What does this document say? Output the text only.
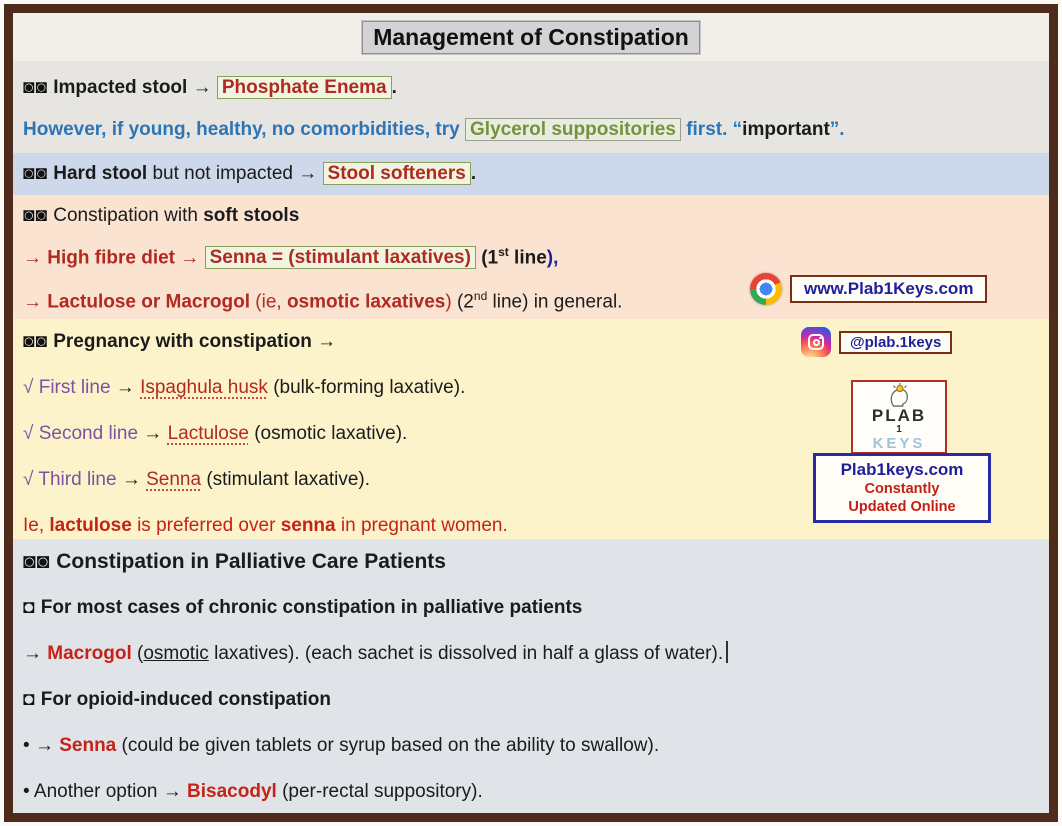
Management of Constipation
◙◙ Impacted stool → Phosphate Enema .
However, if young, healthy, no comorbidities, try Glycerol suppositories first. “important”.
◙◙ Hard stool but not impacted → Stool softeners .
◙◙ Constipation with soft stools
→ High fibre diet → Senna = (stimulant laxatives) (1st line),
→ Lactulose or Macrogol (ie, osmotic laxatives) (2nd line) in general.
◙◙ Pregnancy with constipation →
√ First line → Ispaghula husk (bulk-forming laxative).
√ Second line → Lactulose (osmotic laxative).
√ Third line → Senna (stimulant laxative).
Ie, lactulose is preferred over senna in pregnant women.
◙◙ Constipation in Palliative Care Patients
◘ For most cases of chronic constipation in palliative patients
→ Macrogol (osmotic laxatives). (each sachet is dissolved in half a glass of water).
◘ For opioid-induced constipation
• → Senna (could be given tablets or syrup based on the ability to swallow).
• Another option → Bisacodyl (per-rectal suppository).
www.Plab1Keys.com
@plab.1keys
PLAB
1
KEYS
Plab1keys.com
Constantly
Updated Online
